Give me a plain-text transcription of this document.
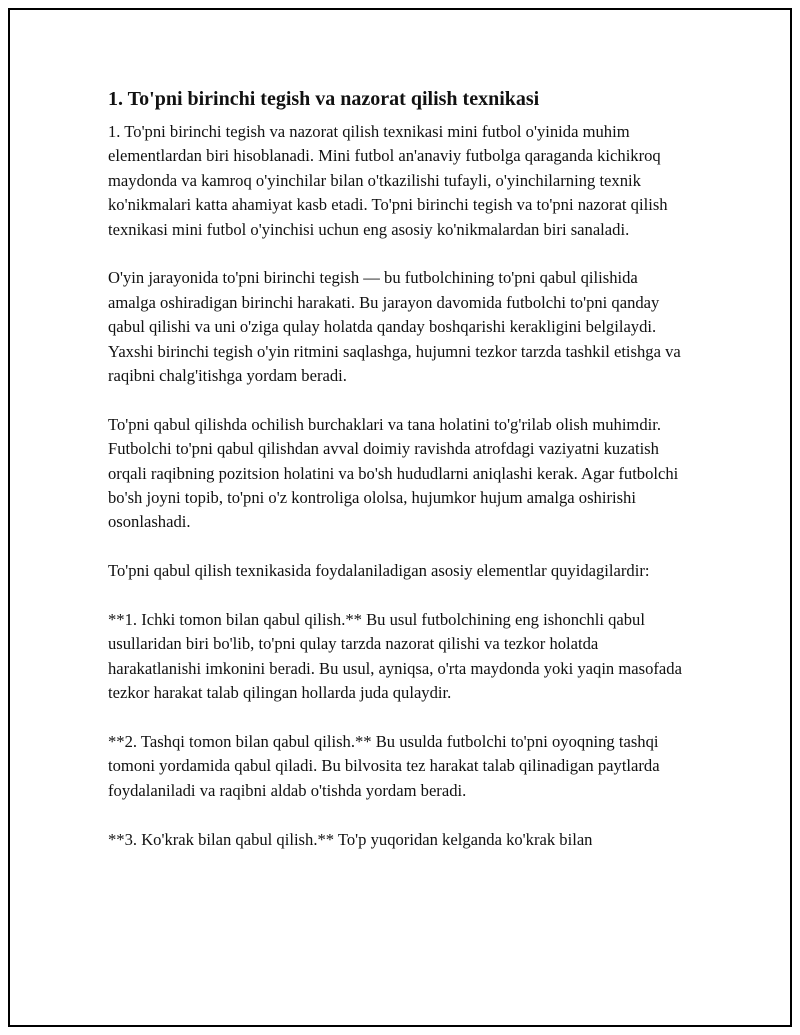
1. To'pni birinchi tegish va nazorat qilish texnikasi

1. To'pni birinchi tegish va nazorat qilish texnikasi mini futbol o'yinida muhim elementlardan biri hisoblanadi. Mini futbol an'anaviy futbolga qaraganda kichikroq maydonda va kamroq o'yinchilar bilan o'tkazilishi tufayli, o'yinchilarning texnik ko'nikmalari katta ahamiyat kasb etadi. To'pni birinchi tegish va to'pni nazorat qilish texnikasi mini futbol o'yinchisi uchun eng asosiy ko'nikmalardan biri sanaladi.

O'yin jarayonida to'pni birinchi tegish — bu futbolchining to'pni qabul qilishida amalga oshiradigan birinchi harakati. Bu jarayon davomida futbolchi to'pni qanday qabul qilishi va uni o'ziga qulay holatda qanday boshqarishi kerakligini belgilaydi. Yaxshi birinchi tegish o'yin ritmini saqlashga, hujumni tezkor tarzda tashkil etishga va raqibni chalg'itishga yordam beradi.

To'pni qabul qilishda ochilish burchaklari va tana holatini to'g'rilab olish muhimdir. Futbolchi to'pni qabul qilishdan avval doimiy ravishda atrofdagi vaziyatni kuzatish orqali raqibning pozitsion holatini va bo'sh hududlarni aniqlashi kerak. Agar futbolchi bo'sh joyni topib, to'pni o'z kontroliga ololsa, hujumkor hujum amalga oshirishi osonlashadi.

To'pni qabul qilish texnikasida foydalaniladigan asosiy elementlar quyidagilardir:

**1. Ichki tomon bilan qabul qilish.** Bu usul futbolchining eng ishonchli qabul usullaridan biri bo'lib, to'pni qulay tarzda nazorat qilishi va tezkor holatda harakatlanishi imkonini beradi. Bu usul, ayniqsa, o'rta maydonda yoki yaqin masofada tezkor harakat talab qilingan hollarda juda qulaydir.

**2. Tashqi tomon bilan qabul qilish.** Bu usulda futbolchi to'pni oyoqning tashqi tomoni yordamida qabul qiladi. Bu bilvosita tez harakat talab qilinadigan paytlarda foydalaniladi va raqibni aldab o'tishda yordam beradi.

**3. Ko'krak bilan qabul qilish.** To'p yuqoridan kelganda ko'krak bilan
